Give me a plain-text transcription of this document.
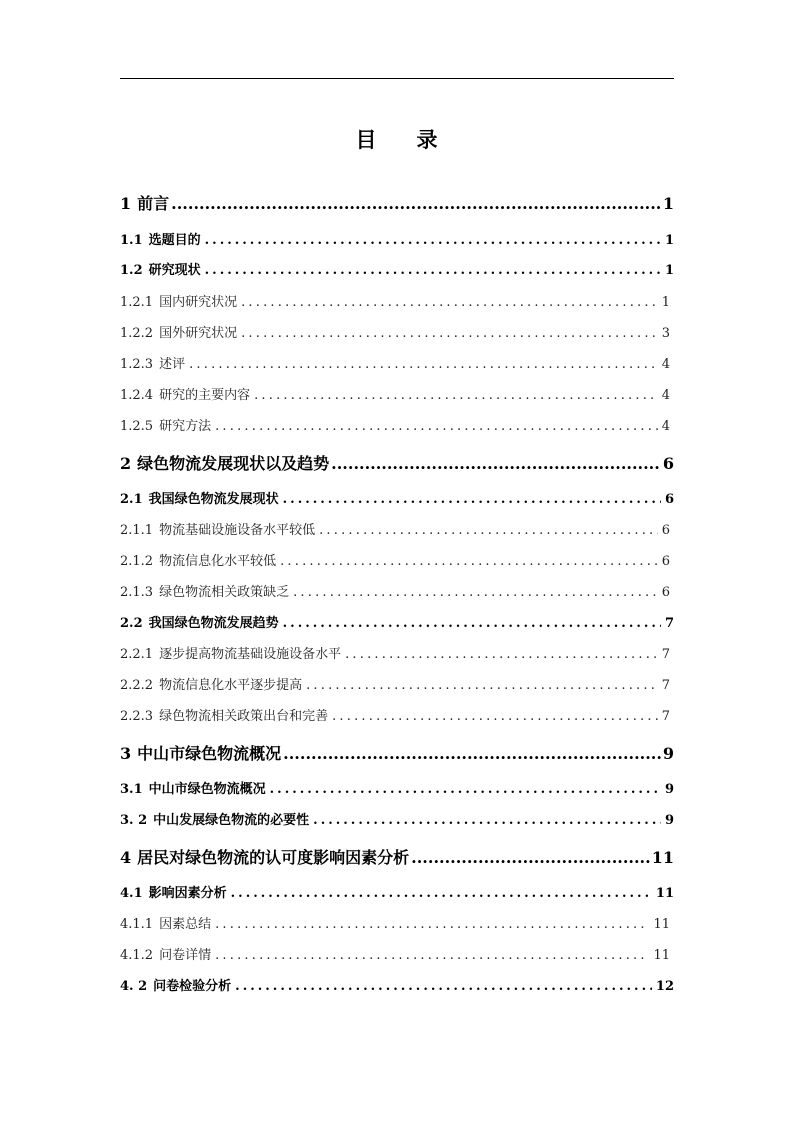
目 录
1 前言 .....	1
1.1 选题目的 .....	1
1.2 研究现状 .....	1
1.2.1 国内研究状况 .....	1
1.2.2 国外研究状况 .....	3
1.2.3 述评 .....	4
1.2.4 研究的主要内容 .....	4
1.2.5 研究方法 .....	4
2 绿色物流发展现状以及趋势 .....	6
2.1 我国绿色物流发展现状 .....	6
2.1.1 物流基础设施设备水平较低 .....	6
2.1.2 物流信息化水平较低 .....	6
2.1.3 绿色物流相关政策缺乏 .....	6
2.2 我国绿色物流发展趋势 .....	7
2.2.1 逐步提高物流基础设施设备水平 .....	7
2.2.2 物流信息化水平逐步提高 .....	7
2.2.3 绿色物流相关政策出台和完善 .....	7
3 中山市绿色物流概况 .....	9
3.1 中山市绿色物流概况 .....	9
3. 2 中山发展绿色物流的必要性 .....	9
4 居民对绿色物流的认可度影响因素分析 .....	11
4.1 影响因素分析 .....	11
4.1.1 因素总结 .....	11
4.1.2 问卷详情 .....	11
4. 2 问卷检验分析 .....	12
